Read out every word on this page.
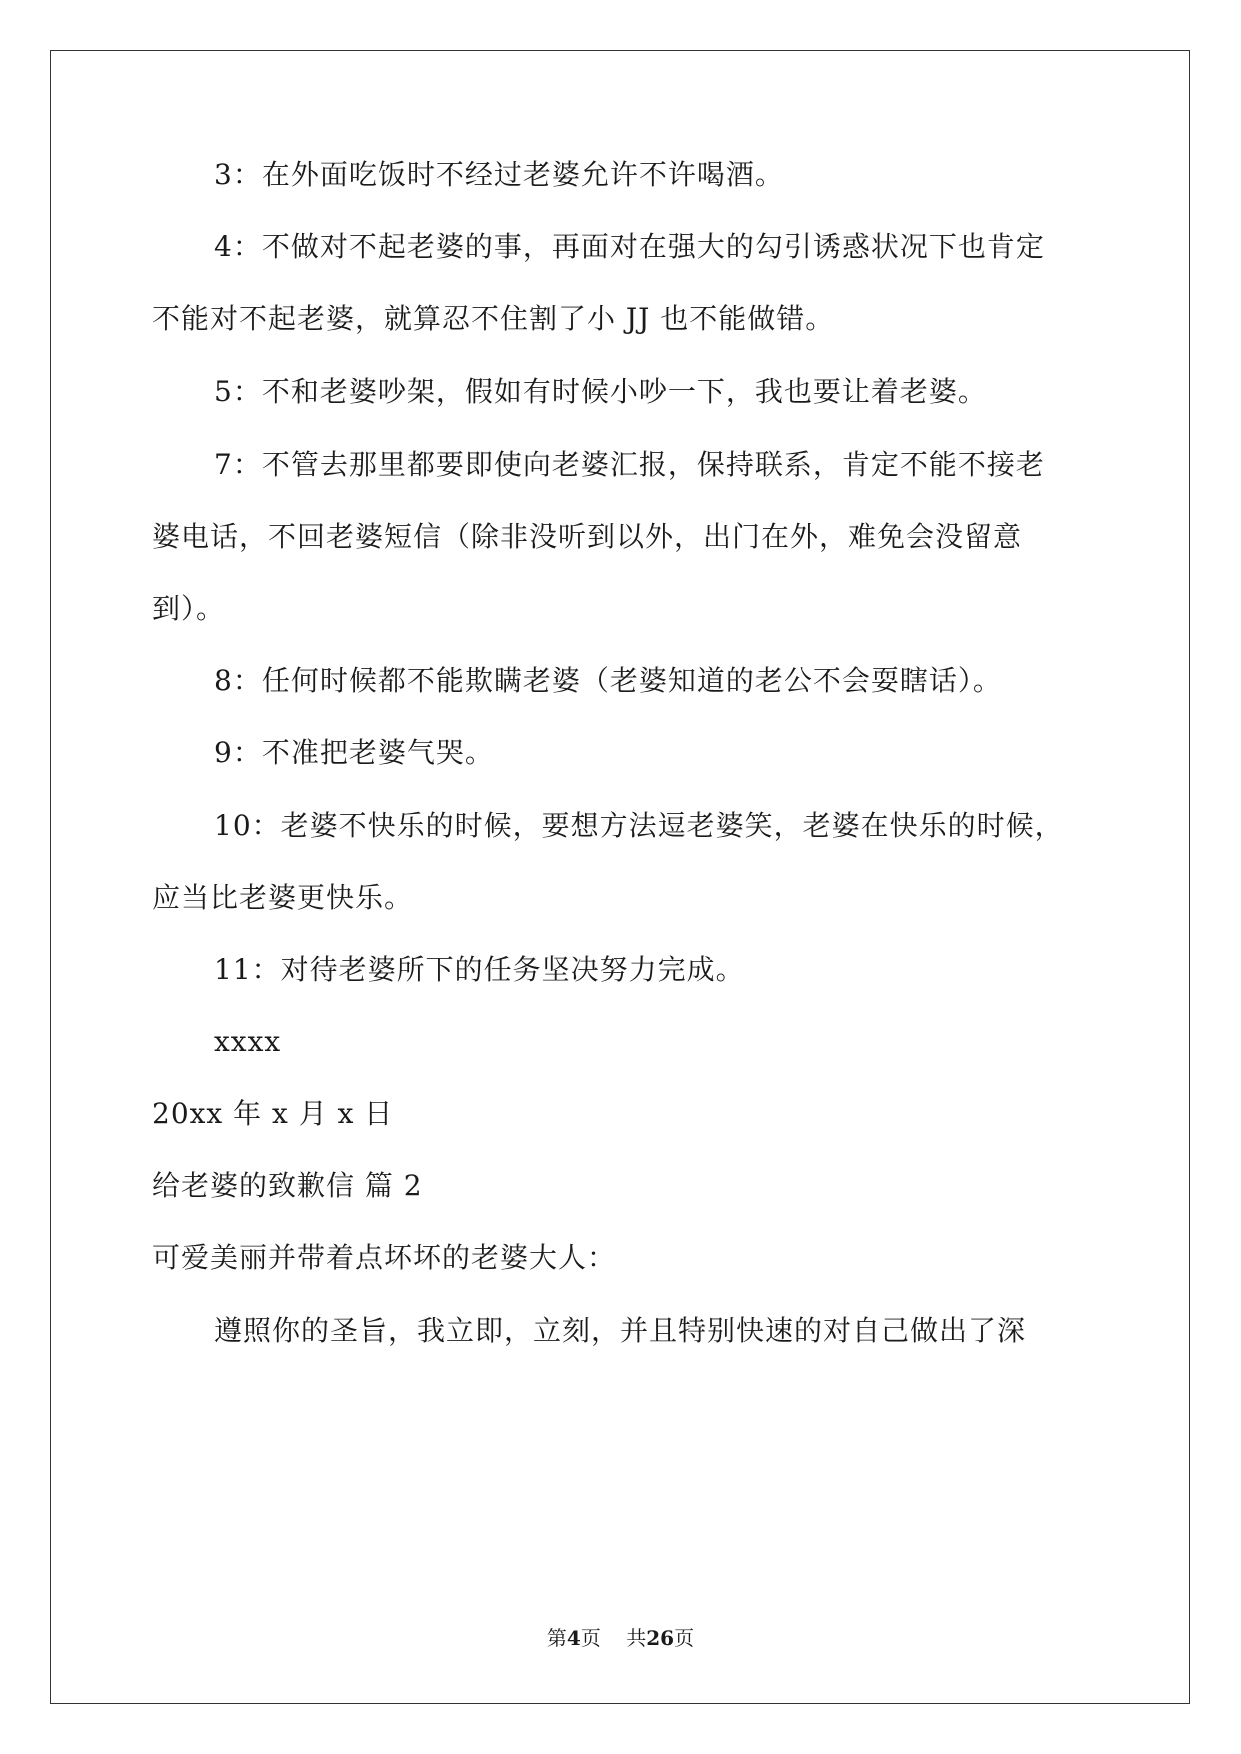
3：在外面吃饭时不经过老婆允许不许喝酒。
4：不做对不起老婆的事，再面对在强大的勾引诱惑状况下也肯定
不能对不起老婆，就算忍不住割了小 JJ 也不能做错。
5：不和老婆吵架，假如有时候小吵一下，我也要让着老婆。
7：不管去那里都要即使向老婆汇报，保持联系，肯定不能不接老
婆电话，不回老婆短信（除非没听到以外，出门在外，难免会没留意
到）。
8：任何时候都不能欺瞒老婆（老婆知道的老公不会耍瞎话）。
9：不准把老婆气哭。
10：老婆不快乐的时候，要想方法逗老婆笑，老婆在快乐的时候，
应当比老婆更快乐。
11：对待老婆所下的任务坚决努力完成。
xxxx
20xx 年 x 月 x 日
给老婆的致歉信 篇 2
可爱美丽并带着点坏坏的老婆大人：
遵照你的圣旨，我立即，立刻，并且特别快速的对自己做出了深
第4页    共26页
